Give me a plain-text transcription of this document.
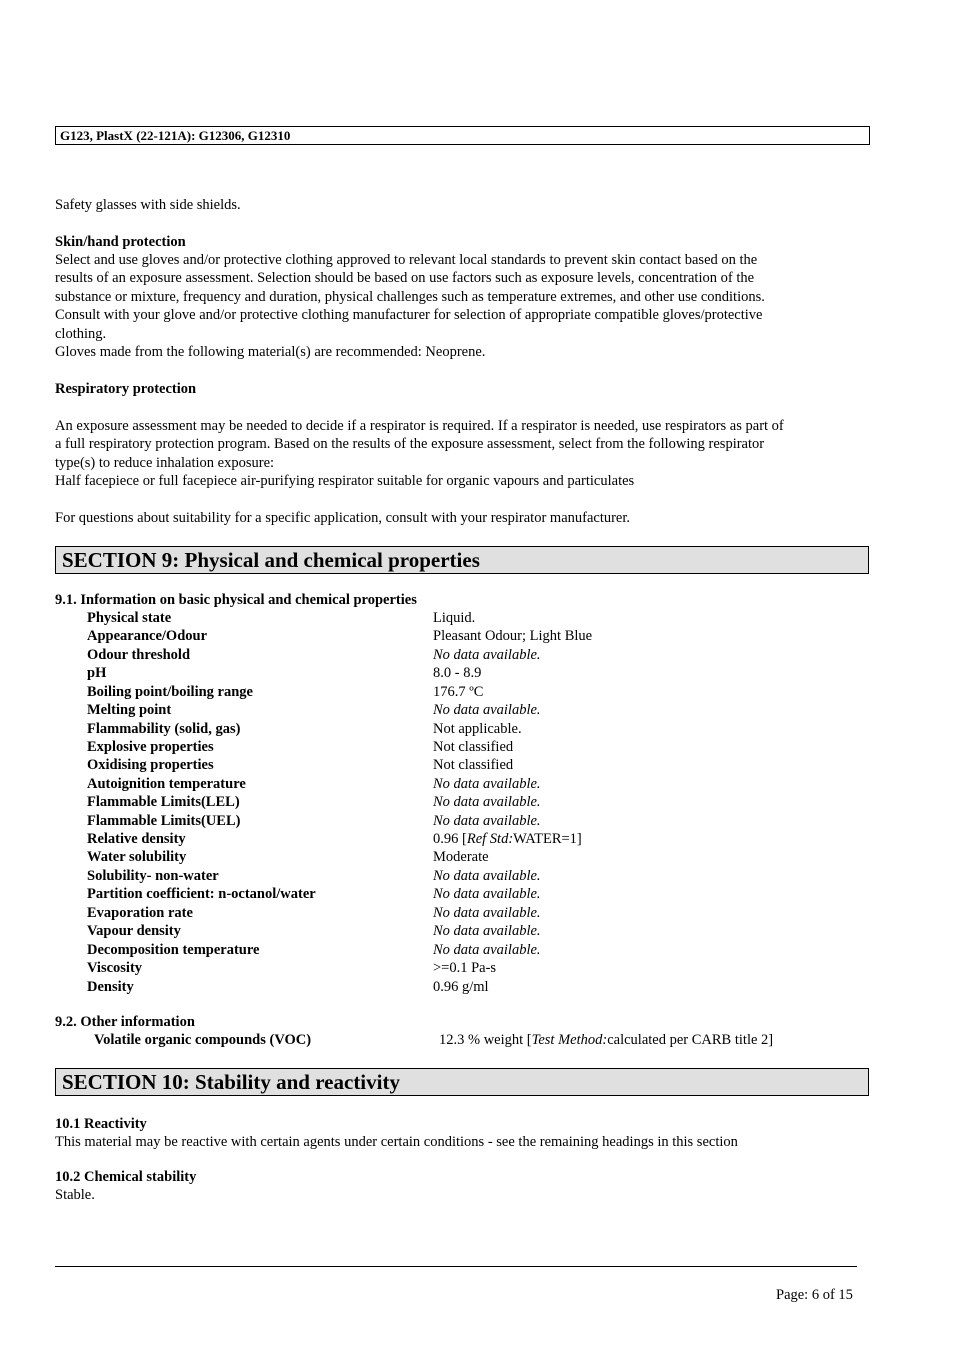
G123, PlastX (22-121A): G12306, G12310
Safety glasses with side shields.
Skin/hand protection
Select and use gloves and/or protective clothing approved to relevant local standards to prevent skin contact based on the
results of an exposure assessment. Selection should be based on use factors such as exposure levels, concentration of the
substance or mixture, frequency and duration, physical challenges such as temperature extremes, and other use conditions.
Consult with your glove and/or protective clothing manufacturer for selection of appropriate compatible gloves/protective
clothing.
Gloves made from the following material(s) are recommended: Neoprene.
Respiratory protection
An exposure assessment may be needed to decide if a respirator is required. If a respirator is needed, use respirators as part of
a full respiratory protection program. Based on the results of the exposure assessment, select from the following respirator
type(s) to reduce inhalation exposure:
Half facepiece or full facepiece air-purifying respirator suitable for organic vapours and particulates
For questions about suitability for a specific application, consult with your respirator manufacturer.
SECTION 9: Physical and chemical properties
9.1. Information on basic physical and chemical properties
Physical state	Liquid.
Appearance/Odour	Pleasant Odour; Light Blue
Odour threshold	No data available.
pH	8.0 - 8.9
Boiling point/boiling range	176.7 ºC
Melting point	No data available.
Flammability (solid, gas)	Not applicable.
Explosive properties	Not classified
Oxidising properties	Not classified
Autoignition temperature	No data available.
Flammable Limits(LEL)	No data available.
Flammable Limits(UEL)	No data available.
Relative density	0.96 [Ref Std:WATER=1]
Water solubility	Moderate
Solubility- non-water	No data available.
Partition coefficient: n-octanol/water	No data available.
Evaporation rate	No data available.
Vapour density	No data available.
Decomposition temperature	No data available.
Viscosity	>=0.1 Pa-s
Density	0.96 g/ml
9.2. Other information
Volatile organic compounds (VOC)	12.3 % weight [Test Method:calculated per CARB title 2]
SECTION 10: Stability and reactivity
10.1 Reactivity
This material may be reactive with certain agents under certain conditions - see the remaining headings in this section
10.2 Chemical stability
Stable.
Page: 6 of 15
